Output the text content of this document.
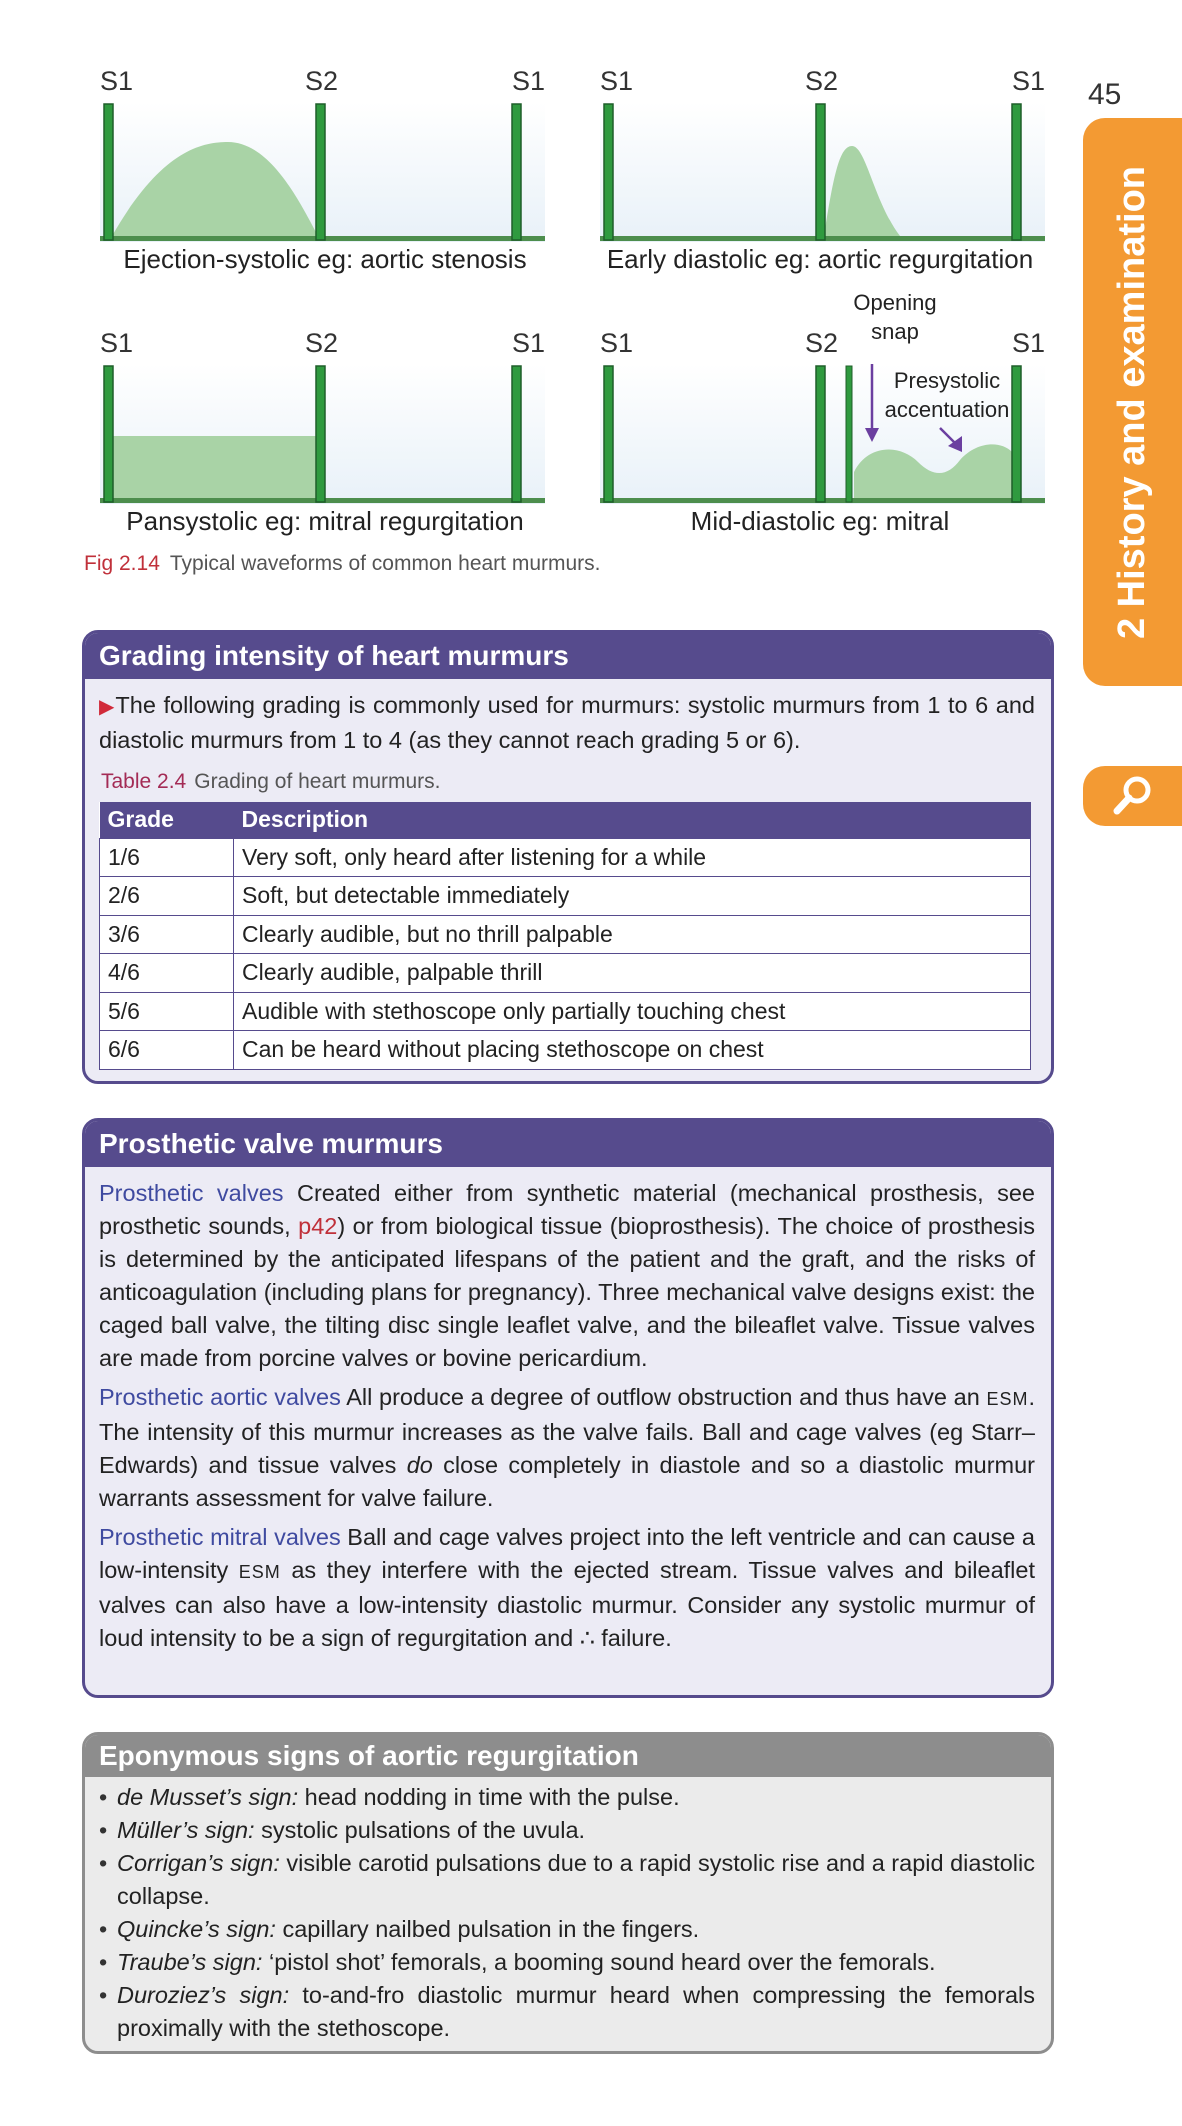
45
2 History and examination
S1	S2	S1
Ejection-systolic eg: aortic stenosis
S1	S2	S1
Early diastolic eg: aortic regurgitation
S1	S2	S1
Pansystolic eg: mitral regurgitation
S1	S2	S1
Opening snap
Presystolic accentuation
Mid-diastolic eg: mitral
Fig 2.14 Typical waveforms of common heart murmurs.
Grading intensity of heart murmurs
▶The following grading is commonly used for murmurs: systolic murmurs from 1 to 6 and diastolic murmurs from 1 to 4 (as they cannot reach grading 5 or 6).
Table 2.4 Grading of heart murmurs.
Grade	Description
1/6	Very soft, only heard after listening for a while
2/6	Soft, but detectable immediately
3/6	Clearly audible, but no thrill palpable
4/6	Clearly audible, palpable thrill
5/6	Audible with stethoscope only partially touching chest
6/6	Can be heard without placing stethoscope on chest
Prosthetic valve murmurs

Prosthetic valves Created either from synthetic material (mechanical prosthesis, see prosthetic sounds, p42) or from biological tissue (bioprosthesis). The choice of prosthesis is determined by the anticipated lifespans of the patient and the graft, and the risks of anticoagulation (including plans for pregnancy). Three mechanical valve designs exist: the caged ball valve, the tilting disc single leaflet valve, and the bileaflet valve. Tissue valves are made from porcine valves or bovine pericardium.

Prosthetic aortic valves All produce a degree of outflow obstruction and thus have an ESM. The intensity of this murmur increases as the valve fails. Ball and cage valves (eg Starr–Edwards) and tissue valves do close completely in diastole and so a diastolic murmur warrants assessment for valve failure.

Prosthetic mitral valves Ball and cage valves project into the left ventricle and can cause a low-intensity ESM as they interfere with the ejected stream. Tissue valves and bileaflet valves can also have a low-intensity diastolic murmur. Consider any systolic murmur of loud intensity to be a sign of regurgitation and ∴ failure.

Eponymous signs of aortic regurgitation
• de Musset’s sign: head nodding in time with the pulse.
• Müller’s sign: systolic pulsations of the uvula.
• Corrigan’s sign: visible carotid pulsations due to a rapid systolic rise and a rapid diastolic collapse.
• Quincke’s sign: capillary nailbed pulsation in the fingers.
• Traube’s sign: ‘pistol shot’ femorals, a booming sound heard over the femorals.
• Duroziez’s sign: to-and-fro diastolic murmur heard when compressing the femorals proximally with the stethoscope.
